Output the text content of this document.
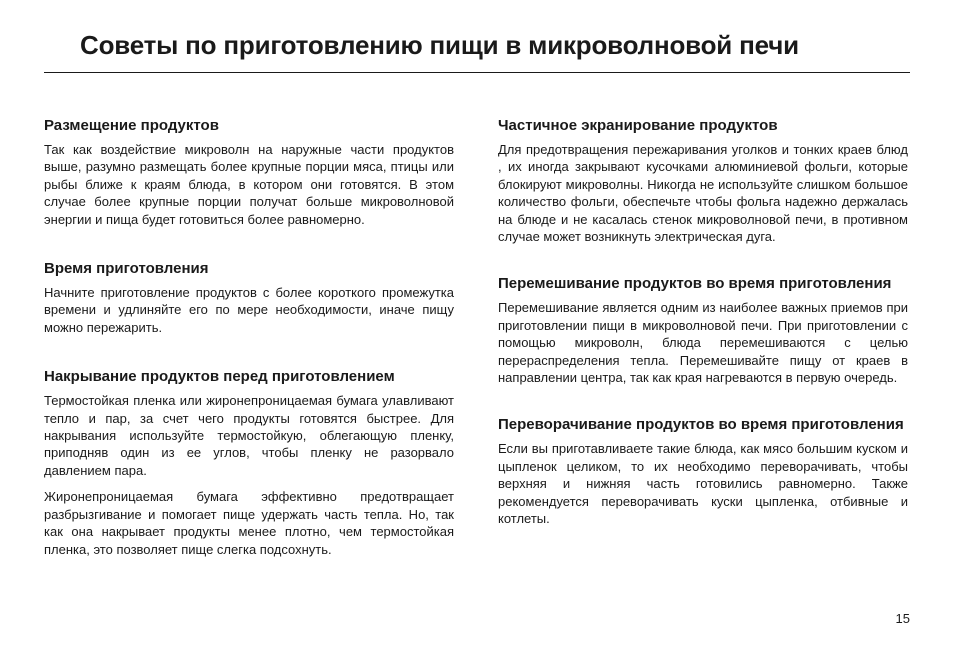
Советы по приготовлению пищи в микроволновой печи
Размещение продуктов

Так как воздействие микроволн на наружные части продуктов выше, разумно размещать более крупные порции мяса, птицы или рыбы ближе к краям блюда, в котором они готовятся. В этом случае более крупные порции получат больше микроволновой энергии и пища будет готовиться более равномерно.

Время приготовления

Начните приготовление продуктов с более короткого промежутка времени и удлиняйте его по мере необходимости, иначе пищу можно пережарить.

Накрывание продуктов перед приготовлением

Термостойкая пленка или жиронепроницаемая бумага улавливают тепло и пар, за счет чего продукты готовятся быстрее. Для накрывания используйте термостойкую, облегающую пленку, приподняв один из ее углов, чтобы пленку не разорвало давлением пара.

Жиронепроницаемая бумага эффективно предотвращает разбрызгивание и помогает пище удержать часть тепла. Но, так как она накрывает продукты менее плотно, чем термостойкая пленка, это позволяет пище слегка подсохнуть.

Частичное экранирование продуктов

Для предотвращения пережаривания уголков и тонких краев блюд , их иногда закрывают кусочками алюминиевой фольги, которые блокируют микроволны. Никогда не используйте слишком большое количество фольги, обеспечьте чтобы фольга надежно держалась на блюде и не касалась стенок микроволновой печи, в противном случае может возникнуть электрическая дуга.

Перемешивание продуктов во время приготовления

Перемешивание является одним из наиболее важных приемов при приготовлении пищи в микроволновой печи. При приготовлении с помощью микроволн, блюда перемешиваются с целью перераспределения тепла. Перемешивайте пищу от краев в направлении центра, так как края нагреваются в первую очередь.

Переворачивание продуктов во время приготовления

Если вы приготавливаете такие блюда, как мясо большим куском и цыпленок целиком, то их необходимо переворачивать, чтобы верхняя и нижняя часть готовились равномерно. Также рекомендуется переворачивать куски цыпленка, отбивные и котлеты.

15
